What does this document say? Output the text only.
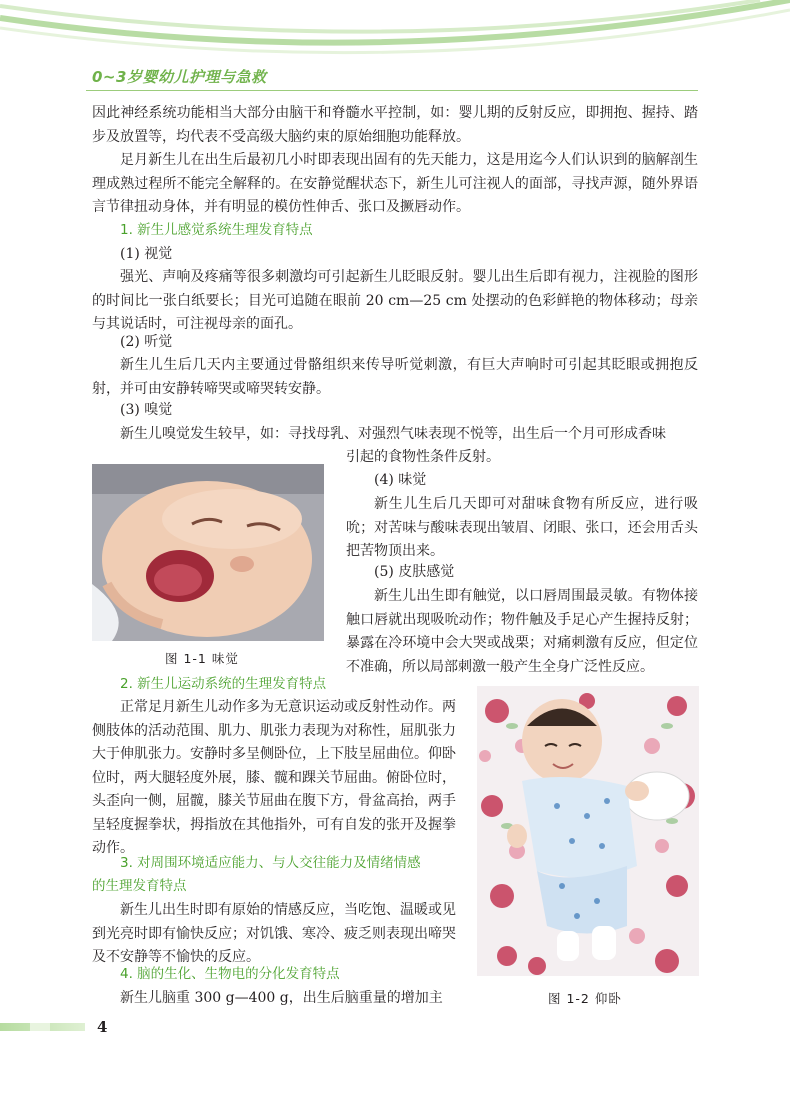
0~3岁婴幼儿护理与急救

因此神经系统功能相当大部分由脑干和脊髓水平控制，如：婴儿期的反射反应，即拥抱、握持、踏步及放置等，均代表不受高级大脑约束的原始细胞功能释放。

足月新生儿在出生后最初几小时即表现出固有的先天能力，这是用迄今人们认识到的脑解剖生理成熟过程所不能完全解释的。在安静觉醒状态下，新生儿可注视人的面部，寻找声源，随外界语言节律扭动身体，并有明显的模仿性伸舌、张口及撅唇动作。

1. 新生儿感觉系统生理发育特点

(1) 视觉

强光、声响及疼痛等很多刺激均可引起新生儿眨眼反射。婴儿出生后即有视力，注视脸的图形的时间比一张白纸要长；目光可追随在眼前 20 cm—25 cm 处摆动的色彩鲜艳的物体移动；母亲与其说话时，可注视母亲的面孔。

(2) 听觉

新生儿生后几天内主要通过骨骼组织来传导听觉刺激，有巨大声响时可引起其眨眼或拥抱反射，并可由安静转啼哭或啼哭转安静。

(3) 嗅觉

新生儿嗅觉发生较早，如：寻找母乳、对强烈气味表现不悦等，出生后一个月可形成香味

图 1-1 味觉

引起的食物性条件反射。

(4) 味觉

新生儿生后几天即可对甜味食物有所反应，进行吸吮；对苦味与酸味表现出皱眉、闭眼、张口，还会用舌头把苦物顶出来。

(5) 皮肤感觉

新生儿出生即有触觉，以口唇周围最灵敏。有物体接触口唇就出现吸吮动作；物件触及手足心产生握持反射；暴露在冷环境中会大哭或战栗；对痛刺激有反应，但定位不准确，所以局部刺激一般产生全身广泛性反应。

2. 新生儿运动系统的生理发育特点

正常足月新生儿动作多为无意识运动或反射性动作。两侧肢体的活动范围、肌力、肌张力表现为对称性，屈肌张力大于伸肌张力。安静时多呈侧卧位，上下肢呈屈曲位。仰卧位时，两大腿轻度外展，膝、髋和踝关节屈曲。俯卧位时，头歪向一侧，屈髋，膝关节屈曲在腹下方，骨盆高抬，两手呈轻度握拳状，拇指放在其他指外，可有自发的张开及握拳动作。

3. 对周围环境适应能力、与人交往能力及情绪情感

的生理发育特点

新生儿出生时即有原始的情感反应，当吃饱、温暖或见到光亮时即有愉快反应；对饥饿、寒冷、疲乏则表现出啼哭及不安静等不愉快的反应。

4. 脑的生化、生物电的分化发育特点

新生儿脑重 300 g—400 g，出生后脑重量的增加主	图 1-2 仰卧
4
